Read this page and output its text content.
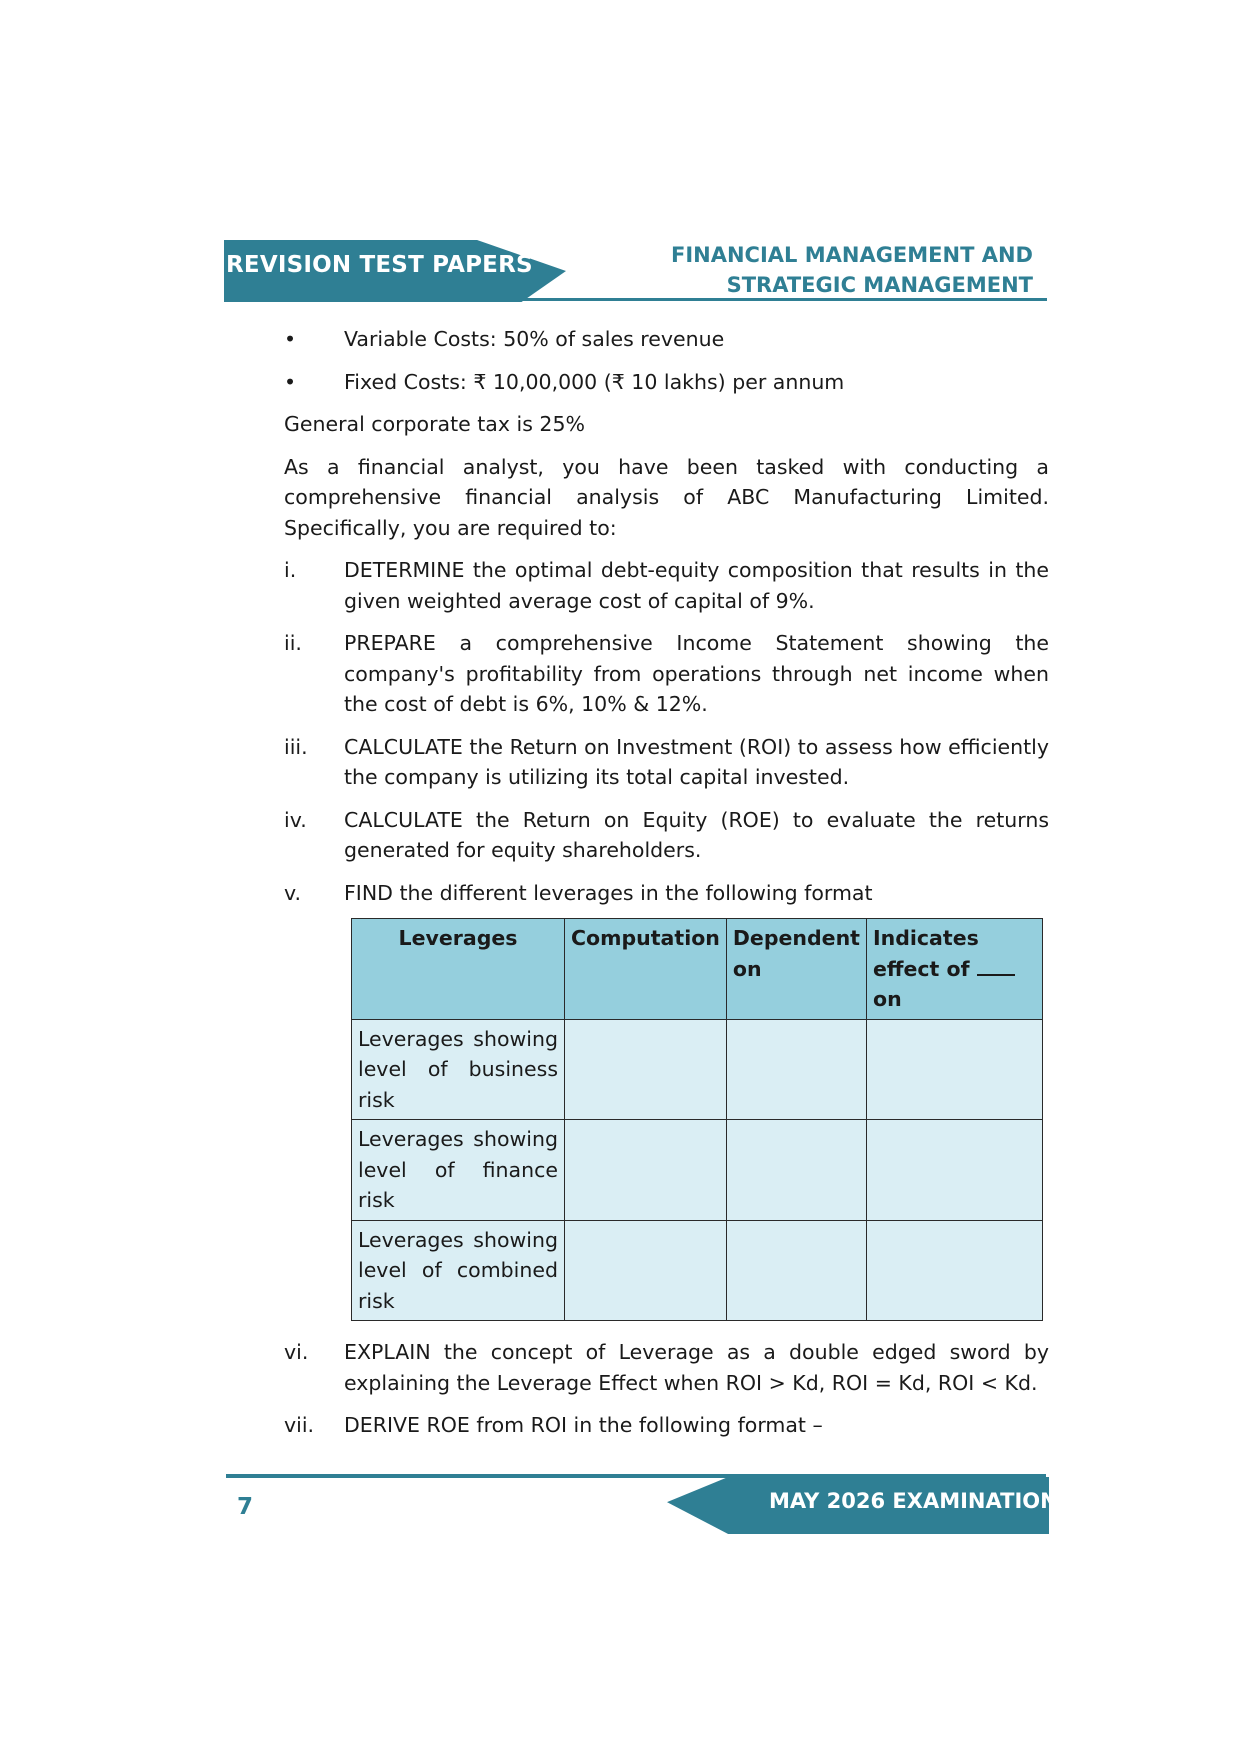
REVISION TEST PAPERS	FINANCIAL MANAGEMENT AND
STRATEGIC MANAGEMENT
•	Variable Costs: 50% of sales revenue
•	Fixed Costs: ₹ 10,00,000 (₹ 10 lakhs) per annum
General corporate tax is 25%
As a financial analyst, you have been tasked with conducting a comprehensive financial analysis of ABC Manufacturing Limited. Specifically, you are required to:
i.	DETERMINE the optimal debt-equity composition that results in the given weighted average cost of capital of 9%.
ii.	PREPARE a comprehensive Income Statement showing the company's profitability from operations through net income when the cost of debt is 6%, 10% & 12%.
iii.	CALCULATE the Return on Investment (ROI) to assess how efficiently the company is utilizing its total capital invested.
iv.	CALCULATE the Return on Equity (ROE) to evaluate the returns generated for equity shareholders.
v.	FIND the different leverages in the following format
Leverages	Computation	Dependent on	Indicates effect of  on
Leverages showing level of business risk			
Leverages showing level of finance risk			
Leverages showing level of combined risk			
vi.	EXPLAIN the concept of Leverage as a double edged sword by explaining the Leverage Effect when ROI > Kd, ROI = Kd, ROI < Kd.
vii.	DERIVE ROE from ROI in the following format –
7	MAY 2026 EXAMINATION
